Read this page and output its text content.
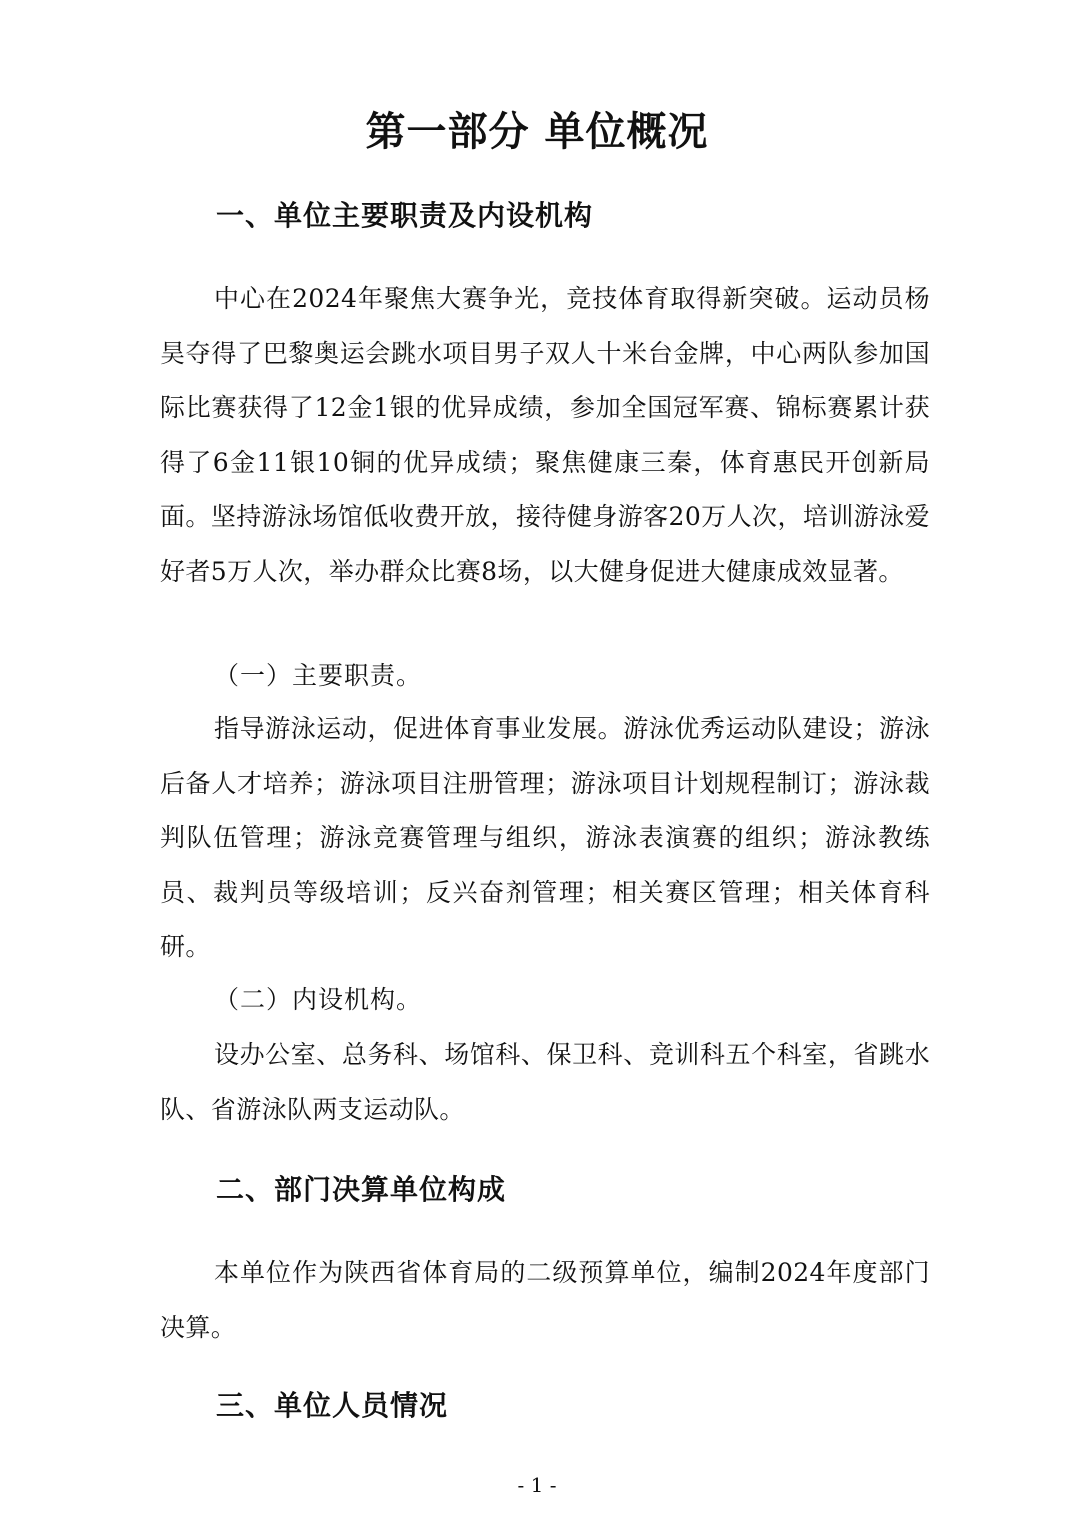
第一部分 单位概况
一、单位主要职责及内设机构

中心在2024年聚焦大赛争光，竞技体育取得新突破。运动员杨昊夺得了巴黎奥运会跳水项目男子双人十米台金牌，中心两队参加国际比赛获得了12金1银的优异成绩，参加全国冠军赛、锦标赛累计获得了6金11银10铜的优异成绩；聚焦健康三秦，体育惠民开创新局面。坚持游泳场馆低收费开放，接待健身游客20万人次，培训游泳爱好者5万人次，举办群众比赛8场，以大健身促进大健康成效显著。

（一）主要职责。

指导游泳运动，促进体育事业发展。游泳优秀运动队建设；游泳后备人才培养；游泳项目注册管理；游泳项目计划规程制订；游泳裁判队伍管理；游泳竞赛管理与组织，游泳表演赛的组织；游泳教练员、裁判员等级培训；反兴奋剂管理；相关赛区管理；相关体育科研。

（二）内设机构。

设办公室、总务科、场馆科、保卫科、竞训科五个科室，省跳水队、省游泳队两支运动队。

二、部门决算单位构成

本单位作为陕西省体育局的二级预算单位，编制2024年度部门决算。

三、单位人员情况
- 1 -
